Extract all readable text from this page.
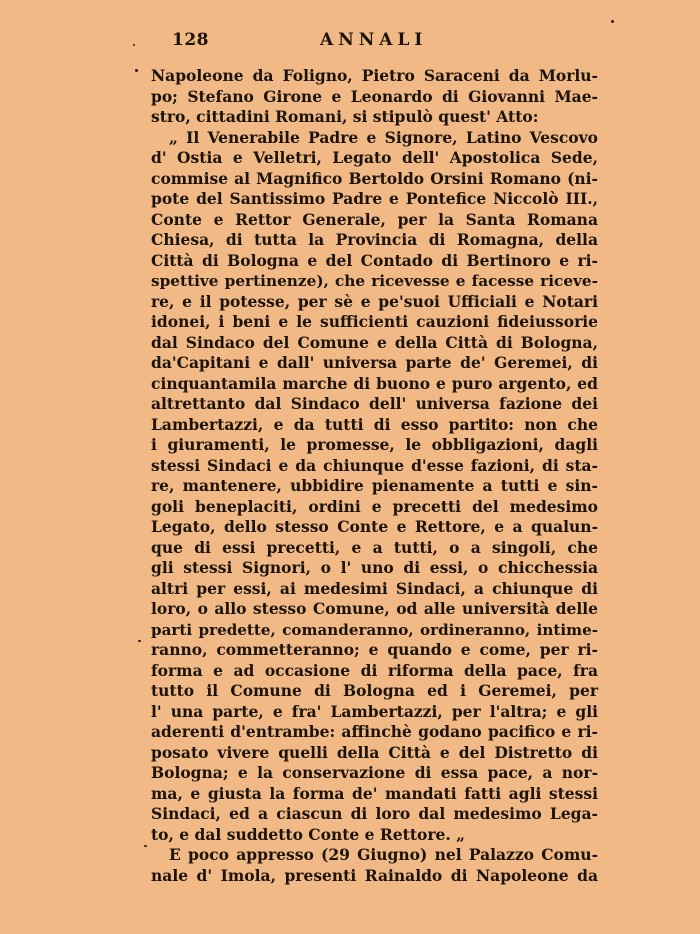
128	ANNALI
Napoleone da Foligno, Pietro Saraceni da Morlu-
po; Stefano Girone e Leonardo di Giovanni Mae-
stro, cittadini Romani, si stipulò quest' Atto:
„ Il Venerabile Padre e Signore, Latino Vescovo
d' Ostia e Velletri, Legato dell' Apostolica Sede,
commise al Magnifico Bertoldo Orsini Romano (ni-
pote del Santissimo Padre e Pontefice Niccolò III.,
Conte e Rettor Generale, per la Santa Romana
Chiesa, di tutta la Provincia di Romagna, della
Città di Bologna e del Contado di Bertinoro e ri-
spettive pertinenze), che ricevesse e facesse riceve-
re, e il potesse, per sè e pe'suoi Ufficiali e Notari
idonei, i beni e le sufficienti cauzioni fideiussorie
dal Sindaco del Comune e della Città di Bologna,
da'Capitani e dall' universa parte de' Geremei, di
cinquantamila marche di buono e puro argento, ed
altrettanto dal Sindaco dell' universa fazione dei
Lambertazzi, e da tutti di esso partito: non che
i giuramenti, le promesse, le obbligazioni, dagli
stessi Sindaci e da chiunque d'esse fazioni, di sta-
re, mantenere, ubbidire pienamente a tutti e sin-
goli beneplaciti, ordini e precetti del medesimo
Legato, dello stesso Conte e Rettore, e a qualun-
que di essi precetti, e a tutti, o a singoli, che
gli stessi Signori, o l' uno di essi, o chicchessia
altri per essi, ai medesimi Sindaci, a chiunque di
loro, o allo stesso Comune, od alle università delle
parti predette, comanderanno, ordineranno, intime-
ranno, commetteranno; e quando e come, per ri-
forma e ad occasione di riforma della pace, fra
tutto il Comune di Bologna ed i Geremei, per
l' una parte, e fra' Lambertazzi, per l'altra; e gli
aderenti d'entrambe: affinchè godano pacifico e ri-
posato vivere quelli della Città e del Distretto di
Bologna; e la conservazione di essa pace, a nor-
ma, e giusta la forma de' mandati fatti agli stessi
Sindaci, ed a ciascun di loro dal medesimo Lega-
to, e dal suddetto Conte e Rettore. „
E poco appresso (29 Giugno) nel Palazzo Comu-
nale d' Imola, presenti Rainaldo di Napoleone da
